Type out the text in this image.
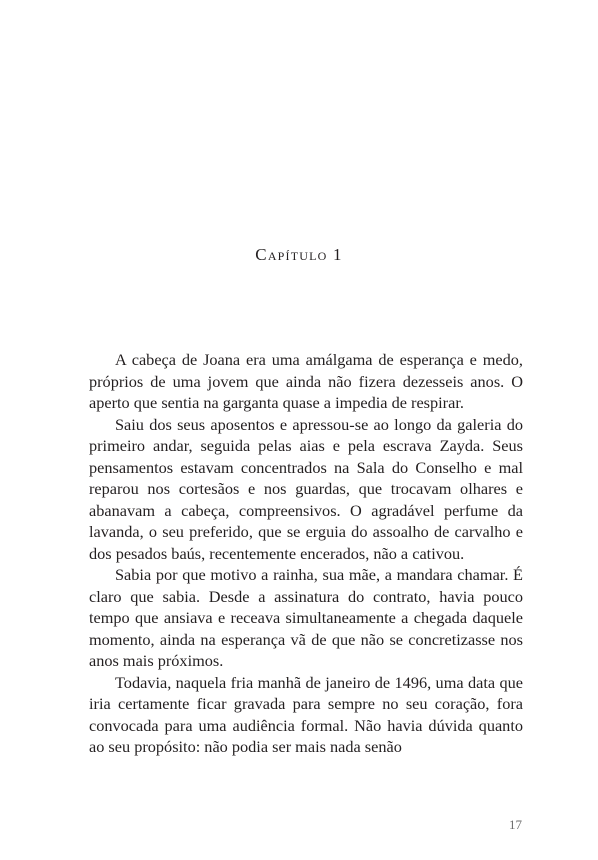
Capítulo 1

A cabeça de Joana era uma amálgama de esperança e medo, próprios de uma jovem que ainda não fizera dezesseis anos. O aperto que sentia na garganta quase a impedia de respirar.

Saiu dos seus aposentos e apressou-se ao longo da galeria do primeiro andar, seguida pelas aias e pela escrava Zayda. Seus pensamentos estavam concentrados na Sala do Conselho e mal reparou nos cortesãos e nos guardas, que trocavam olhares e abanavam a cabeça, compreensivos. O agradável perfume da lavanda, o seu preferido, que se erguia do assoalho de carvalho e dos pesados baús, recentemente encerados, não a cativou.

Sabia por que motivo a rainha, sua mãe, a mandara chamar. É claro que sabia. Desde a assinatura do contrato, havia pouco tempo que ansiava e receava simultaneamente a chegada daquele momento, ainda na esperança vã de que não se concretizasse nos anos mais próximos.

Todavia, naquela fria manhã de janeiro de 1496, uma data que iria certamente ficar gravada para sempre no seu coração, fora convocada para uma audiência formal. Não havia dúvida quanto ao seu propósito: não podia ser mais nada senão

17
